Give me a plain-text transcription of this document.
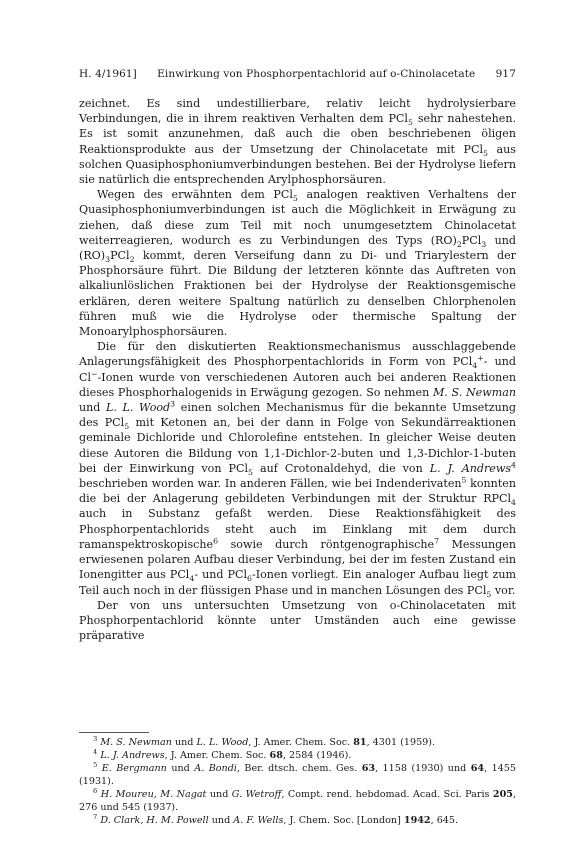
H. 4/1961] Einwirkung von Phosphorpentachlorid auf o-Chinolacetate 917

zeichnet. Es sind undestillierbare, relativ leicht hydrolysierbare Verbindungen, die in ihrem reaktiven Verhalten dem PCl$_5$ sehr nahestehen. Es ist somit anzunehmen, daß auch die oben beschriebenen öligen Reaktionsprodukte aus der Umsetzung der Chinolacetate mit PCl$_5$ aus solchen Quasiphosphoniumverbindungen bestehen. Bei der Hydrolyse liefern sie natürlich die entsprechenden Arylphosphorsäuren.

Wegen des erwähnten dem PCl$_5$ analogen reaktiven Verhaltens der Quasiphosphoniumverbindungen ist auch die Möglichkeit in Erwägung zu ziehen, daß diese zum Teil mit noch unumgesetztem Chinolacetat weiterreagieren, wodurch es zu Verbindungen des Typs $(RO)_2PCl_3$ und $(RO)_3PCl_2$ kommt, deren Verseifung dann zu Di- und Triarylestern der Phosphorsäure führt. Die Bildung der letzteren könnte das Auftreten von alkaliunlöslichen Fraktionen bei der Hydrolyse der Reaktionsgemische erklären, deren weitere Spaltung natürlich zu denselben Chlorphenolen führen muß wie die Hydrolyse oder thermische Spaltung der Monoarylphosphorsäuren.

Die für den diskutierten Reaktionsmechanismus ausschlaggebende Anlagerungsfähigkeit des Phosphorpentachlorids in Form von PCl$_4$+- und Cl−-Ionen wurde von verschiedenen Autoren auch bei anderen Reaktionen dieses Phosphorhalogenids in Erwägung gezogen. So nehmen M. S. Newman und L. L. Wood$^3$ einen solchen Mechanismus für die bekannte Umsetzung des PCl$_5$ mit Ketonen an, bei der dann in Folge von Sekundärreaktionen geminale Dichloride und Chlorolefine entstehen. In gleicher Weise deuten diese Autoren die Bildung von 1,1-Dichlor-2-buten und 1,3-Dichlor-1-buten bei der Einwirkung von PCl$_5$ auf Crotonaldehyd, die von L. J. Andrews$^4$ beschrieben worden war. In anderen Fällen, wie bei Indenderivaten$^5$ konnten die bei der Anlagerung gebildeten Verbindungen mit der Struktur RPCl$_4$ auch in Substanz gefaßt werden. Diese Reaktionsfähigkeit des Phosphorpentachlorids steht auch im Einklang mit dem durch ramanspektroskopische$^6$ sowie durch röntgenographische$^7$ Messungen erwiesenen polaren Aufbau dieser Verbindung, bei der im festen Zustand ein Ionengitter aus PCl$_4$- und PCl$_6$-Ionen vorliegt. Ein analoger Aufbau liegt zum Teil auch noch in der flüssigen Phase und in manchen Lösungen des PCl$_5$ vor.

Der von uns untersuchten Umsetzung von o-Chinolacetaten mit Phosphorpentachlorid könnte unter Umständen auch eine gewisse präparative

$^3$ M. S. Newman und L. L. Wood, J. Amer. Chem. Soc. 81, 4301 (1959).
$^4$ L. J. Andrews, J. Amer. Chem. Soc. 68, 2584 (1946).
$^5$ E. Bergmann und A. Bondi, Ber. dtsch. chem. Ges. 63, 1158 (1930) und 64, 1455 (1931).
$^6$ H. Moureu, M. Nagat und G. Wetroff, Compt. rend. hebdomad. Acad. Sci. Paris 205, 276 und 545 (1937).
$^7$ D. Clark, H. M. Powell und A. F. Wells, J. Chem. Soc. [London] 1942, 645.
